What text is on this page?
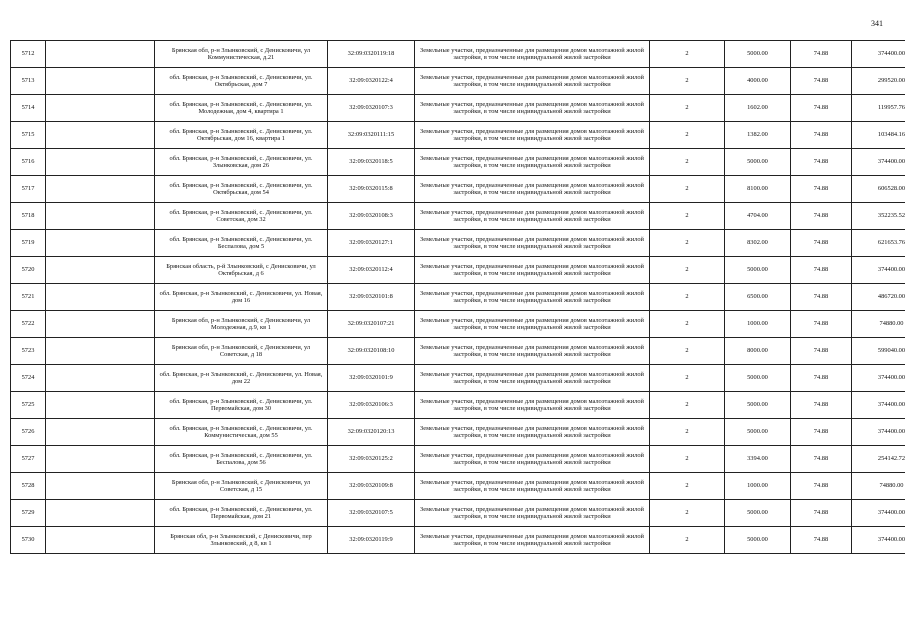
341
5712		Брянская обл, р-н Злынковский, с Денисковичи, ул Коммунистическая, д.21	32:09:0320119:18	Земельные участки, предназначенные для размещения домов малоэтажной жилой застройки, в том числе индивидуальной жилой застройки	2	5000.00	74.88	374400.00
5713		обл. Брянская, р-н Злынковский, с. Денисковичи, ул. Октябрьская, дом 7	32:09:0320122:4	Земельные участки, предназначенные для размещения домов малоэтажной жилой застройки, в том числе индивидуальной жилой застройки	2	4000.00	74.88	299520.00
5714		обл. Брянская, р-н Злынковский, с. Денисковичи, ул. Молодежная, дом 4, квартира 1	32:09:0320107:3	Земельные участки, предназначенные для размещения домов малоэтажной жилой застройки, в том числе индивидуальной жилой застройки	2	1602.00	74.88	119957.76
5715		обл. Брянская, р-н Злынковский, с. Денисковичи, ул. Октябрьская, дом 16, квартира 1	32:09:0320111:15	Земельные участки, предназначенные для размещения домов малоэтажной жилой застройки, в том числе индивидуальной жилой застройки	2	1382.00	74.88	103484.16
5716		обл. Брянская, р-н Злынковский, с. Денисковичи, ул. Злынковская, дом 26	32:09:0320118:5	Земельные участки, предназначенные для размещения домов малоэтажной жилой застройки, в том числе индивидуальной жилой застройки	2	5000.00	74.88	374400.00
5717		обл. Брянская, р-н Злынковский, с. Денисковичи, ул. Октябрьская, дом 54	32:09:0320115:8	Земельные участки, предназначенные для размещения домов малоэтажной жилой застройки, в том числе индивидуальной жилой застройки	2	8100.00	74.88	606528.00
5718		обл. Брянская, р-н Злынковский, с. Денисковичи, ул. Советская, дом 32	32:09:0320108:3	Земельные участки, предназначенные для размещения домов малоэтажной жилой застройки, в том числе индивидуальной жилой застройки	2	4704.00	74.88	352235.52
5719		обл. Брянская, р-н Злынковский, с. Денисковичи, ул. Беспалова, дом 5	32:09:0320127:1	Земельные участки, предназначенные для размещения домов малоэтажной жилой застройки, в том числе индивидуальной жилой застройки	2	8302.00	74.88	621653.76
5720		Брянская область, р-й Злынковский, с Денисковичи, ул Октябрьская, д 6	32:09:0320112:4	Земельные участки, предназначенные для размещения домов малоэтажной жилой застройки, в том числе индивидуальной жилой застройки	2	5000.00	74.88	374400.00
5721		обл. Брянская, р-н Злынковский, с. Денисковичи, ул. Новая, дом 16	32:09:0320101:8	Земельные участки, предназначенные для размещения домов малоэтажной жилой застройки, в том числе индивидуальной жилой застройки	2	6500.00	74.88	486720.00
5722		Брянская обл, р-н Злынковский, с Денисковичи, ул Молодежная, д.9, кв 1	32:09:0320107:21	Земельные участки, предназначенные для размещения домов малоэтажной жилой застройки, в том числе индивидуальной жилой застройки	2	1000.00	74.88	74880.00
5723		Брянская обл, р-н Злынковский, с Денисковичи, ул Советская, д 18	32:09:0320108:10	Земельные участки, предназначенные для размещения домов малоэтажной жилой застройки, в том числе индивидуальной жилой застройки	2	8000.00	74.88	599040.00
5724		обл. Брянская, р-н Злынковский, с. Денисковичи, ул. Новая, дом 22	32:09:0320101:9	Земельные участки, предназначенные для размещения домов малоэтажной жилой застройки, в том числе индивидуальной жилой застройки	2	5000.00	74.88	374400.00
5725		обл. Брянская, р-н Злынковский, с. Денисковичи, ул. Первомайская, дом 30	32:09:0320106:3	Земельные участки, предназначенные для размещения домов малоэтажной жилой застройки, в том числе индивидуальной жилой застройки	2	5000.00	74.88	374400.00
5726		обл. Брянская, р-н Злынковский, с. Денисковичи, ул. Коммунистическая, дом 55	32:09:0320120:13	Земельные участки, предназначенные для размещения домов малоэтажной жилой застройки, в том числе индивидуальной жилой застройки	2	5000.00	74.88	374400.00
5727		обл. Брянская, р-н Злынковский, с. Денисковичи, ул. Беспалова, дом 56	32:09:0320125:2	Земельные участки, предназначенные для размещения домов малоэтажной жилой застройки, в том числе индивидуальной жилой застройки	2	3394.00	74.88	254142.72
5728		Брянская обл, р-н Злынковский, с Денисковичи, ул Советская, д 15	32:09:0320109:8	Земельные участки, предназначенные для размещения домов малоэтажной жилой застройки, в том числе индивидуальной жилой застройки	2	1000.00	74.88	74880.00
5729		обл. Брянская, р-н Злынковский, с. Денисковичи, ул. Первомайская, дом 21	32:09:0320107:5	Земельные участки, предназначенные для размещения домов малоэтажной жилой застройки, в том числе индивидуальной жилой застройки	2	5000.00	74.88	374400.00
5730		Брянская обл, р-н Злынковский, с Денисковичи, пер Злынковский, д 8, кв 1	32:09:0320119:9	Земельные участки, предназначенные для размещения домов малоэтажной жилой застройки, в том числе индивидуальной жилой застройки	2	5000.00	74.88	374400.00
